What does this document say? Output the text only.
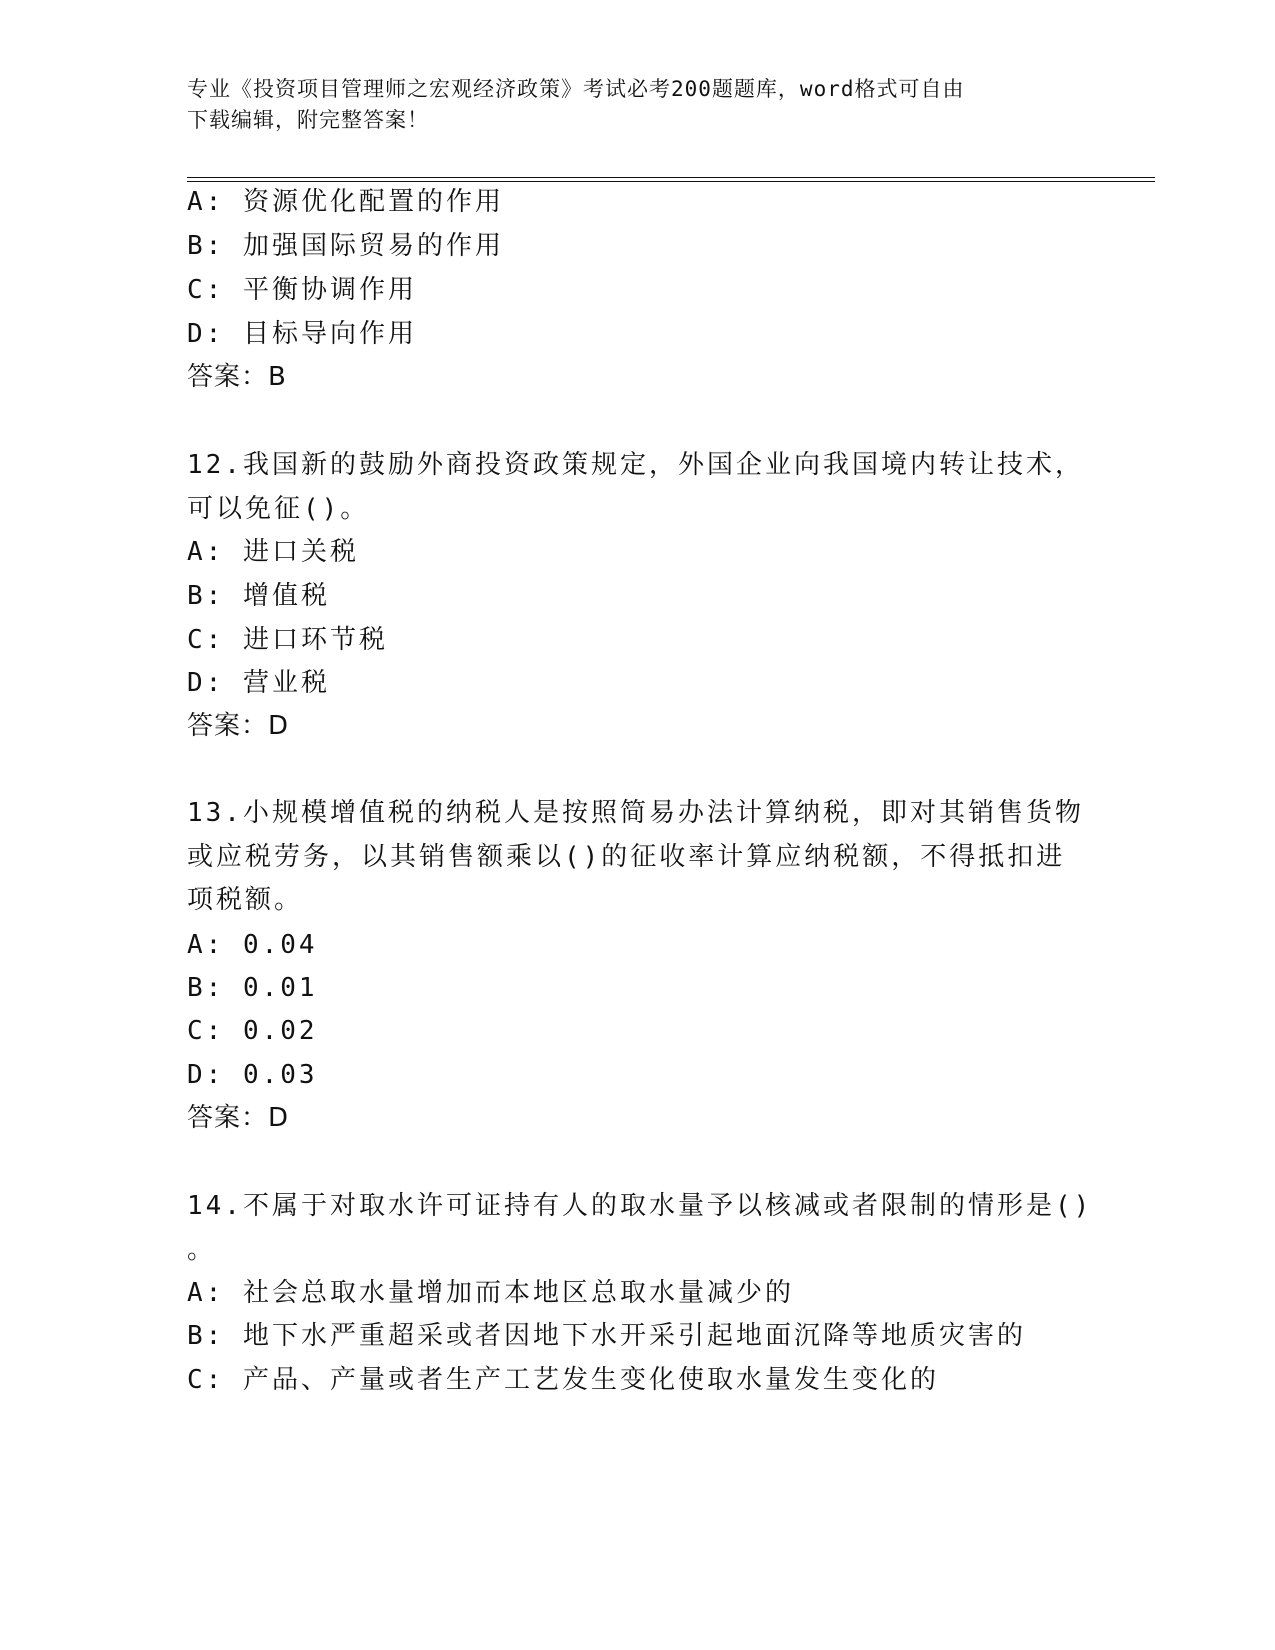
专业《投资项目管理师之宏观经济政策》考试必考200题题库，word格式可自由
下载编辑，附完整答案！
A: 资源优化配置的作用
B: 加强国际贸易的作用
C: 平衡协调作用
D: 目标导向作用
答案：B
12.我国新的鼓励外商投资政策规定，外国企业向我国境内转让技术，
可以免征()。
A: 进口关税
B: 增值税
C: 进口环节税
D: 营业税
答案：D
13.小规模增值税的纳税人是按照简易办法计算纳税，即对其销售货物
或应税劳务，以其销售额乘以()的征收率计算应纳税额，不得抵扣进
项税额。
A: 0.04
B: 0.01
C: 0.02
D: 0.03
答案：D
14.不属于对取水许可证持有人的取水量予以核减或者限制的情形是()
。
A: 社会总取水量增加而本地区总取水量减少的
B: 地下水严重超采或者因地下水开采引起地面沉降等地质灾害的
C: 产品、产量或者生产工艺发生变化使取水量发生变化的
